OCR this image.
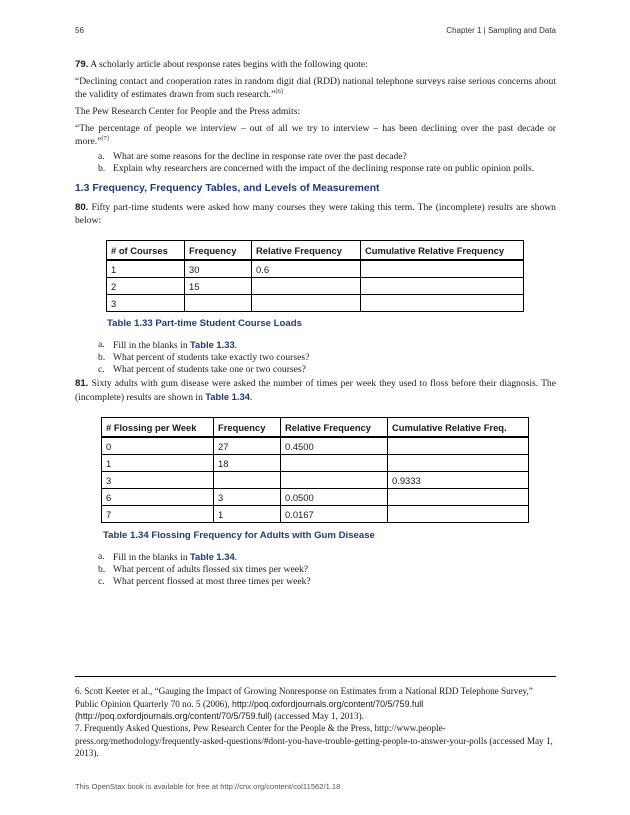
56	Chapter 1 | Sampling and Data
79. A scholarly article about response rates begins with the following quote:
“Declining contact and cooperation rates in random digit dial (RDD) national telephone surveys raise serious concerns about the validity of estimates drawn from such research.”[6]
The Pew Research Center for People and the Press admits:
“The percentage of people we interview – out of all we try to interview – has been declining over the past decade or more.”[7]
a. What are some reasons for the decline in response rate over the past decade?
b. Explain why researchers are concerned with the impact of the declining response rate on public opinion polls.
1.3 Frequency, Frequency Tables, and Levels of Measurement
80. Fifty part-time students were asked how many courses they were taking this term. The (incomplete) results are shown below:
# of Courses	Frequency	Relative Frequency	Cumulative Relative Frequency
1	30	0.6	
2	15		
3			
Table 1.33 Part-time Student Course Loads
a. Fill in the blanks in Table 1.33.
b. What percent of students take exactly two courses?
c. What percent of students take one or two courses?
81. Sixty adults with gum disease were asked the number of times per week they used to floss before their diagnosis. The (incomplete) results are shown in Table 1.34.
# Flossing per Week	Frequency	Relative Frequency	Cumulative Relative Freq.
0	27	0.4500	
1	18		
3			0.9333
6	3	0.0500	
7	1	0.0167	
Table 1.34 Flossing Frequency for Adults with Gum Disease
a. Fill in the blanks in Table 1.34.
b. What percent of adults flossed six times per week?
c. What percent flossed at most three times per week?
6. Scott Keeter et al., “Gauging the Impact of Growing Nonresponse on Estimates from a National RDD Telephone Survey,” Public Opinion Quarterly 70 no. 5 (2006), http://poq.oxfordjournals.org/content/70/5/759.full (http://poq.oxfordjournals.org/content/70/5/759.full) (accessed May 1, 2013).
7. Frequently Asked Questions, Pew Research Center for the People & the Press, http://www.people-press.org/methodology/frequently-asked-questions/#dont-you-have-trouble-getting-people-to-answer-your-polls (accessed May 1, 2013).
This OpenStax book is available for free at http://cnx.org/content/col11562/1.18
